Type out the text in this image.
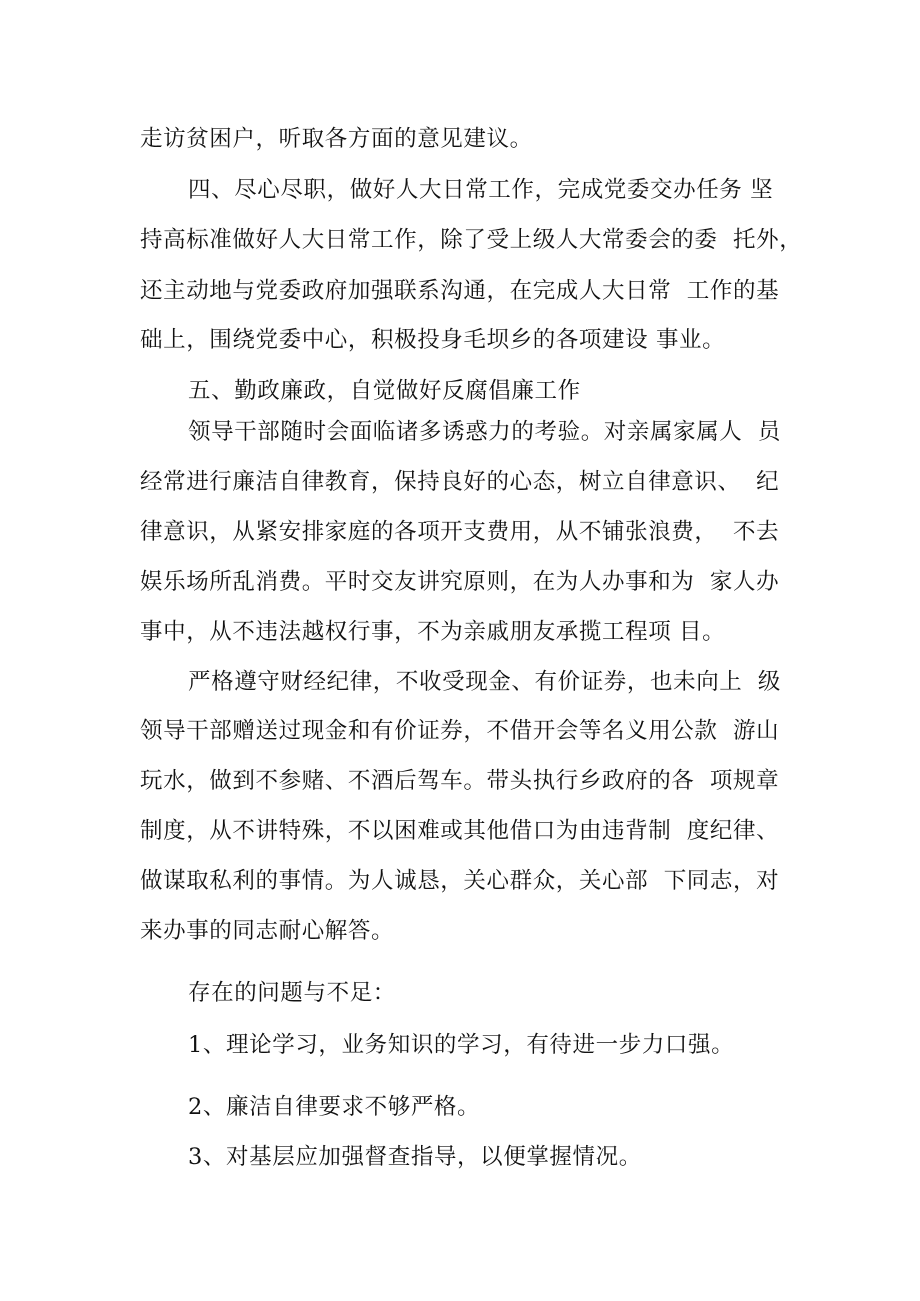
走访贫困户，听取各方面的意见建议。

四、尽心尽职，做好人大日常工作，完成党委交办任务 坚

持高标准做好人大日常工作，除了受上级人大常委会的委  托外，

还主动地与党委政府加强联系沟通，在完成人大日常  工作的基

础上，围绕党委中心，积极投身毛坝乡的各项建设 事业。

五、勤政廉政，自觉做好反腐倡廉工作

领导干部随时会面临诸多诱惑力的考验。对亲属家属人  员

经常进行廉洁自律教育，保持良好的心态，树立自律意识、  纪

律意识，从紧安排家庭的各项开支费用，从不铺张浪费，  不去

娱乐场所乱消费。平时交友讲究原则，在为人办事和为  家人办

事中，从不违法越权行事，不为亲戚朋友承揽工程项 目。

严格遵守财经纪律，不收受现金、有价证券，也未向上  级

领导干部赠送过现金和有价证券，不借开会等名义用公款  游山

玩水，做到不参赌、不酒后驾车。带头执行乡政府的各  项规章

制度，从不讲特殊，不以困难或其他借口为由违背制  度纪律、

做谋取私利的事情。为人诚恳，关心群众，关心部  下同志，对

来办事的同志耐心解答。

存在的问题与不足：

1、理论学习，业务知识的学习，有待进一步力口强。

2、廉洁自律要求不够严格。

3、对基层应加强督查指导，以便掌握情况。
